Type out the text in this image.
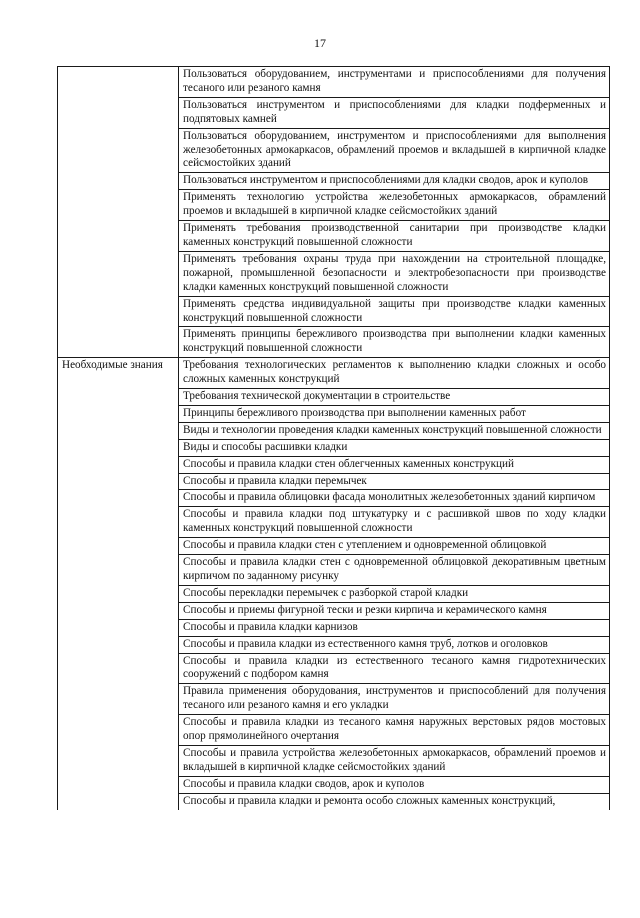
17
	Пользоваться оборудованием, инструментами и приспособлениями для получения тесаного или резаного камня
	Пользоваться инструментом и приспособлениями для кладки подферменных и подпятовых камней
	Пользоваться оборудованием, инструментом и приспособлениями для выполнения железобетонных армокаркасов, обрамлений проемов и вкладышей в кирпичной кладке сейсмостойких зданий
	Пользоваться инструментом и приспособлениями для кладки сводов, арок и куполов
	Применять технологию устройства железобетонных армокаркасов, обрамлений проемов и вкладышей в кирпичной кладке сейсмостойких зданий
	Применять требования производственной санитарии при производстве кладки каменных конструкций повышенной сложности
	Применять требования охраны труда при нахождении на строительной площадке, пожарной, промышленной безопасности и электробезопасности при производстве кладки каменных конструкций повышенной сложности
	Применять средства индивидуальной защиты при производстве кладки каменных конструкций повышенной сложности
	Применять принципы бережливого производства при выполнении кладки каменных конструкций повышенной сложности
Необходимые знания	Требования технологических регламентов к выполнению кладки сложных и особо сложных каменных конструкций
	Требования технической документации в строительстве
	Принципы бережливого производства при выполнении каменных работ
	Виды и технологии проведения кладки каменных конструкций повышенной сложности
	Виды и способы расшивки кладки
	Способы и правила кладки стен облегченных каменных конструкций
	Способы и правила кладки перемычек
	Способы и правила облицовки фасада монолитных железобетонных зданий кирпичом
	Способы и правила кладки под штукатурку и с расшивкой швов по ходу кладки каменных конструкций повышенной сложности
	Способы и правила кладки стен с утеплением и одновременной облицовкой
	Способы и правила кладки стен с одновременной облицовкой декоративным цветным кирпичом по заданному рисунку
	Способы перекладки перемычек с разборкой старой кладки
	Способы и приемы фигурной тески и резки кирпича и керамического камня
	Способы и правила кладки карнизов
	Способы и правила кладки из естественного камня труб, лотков и оголовков
	Способы и правила кладки из естественного тесаного камня гидротехнических сооружений с подбором камня
	Правила применения оборудования, инструментов и приспособлений для получения тесаного или резаного камня и его укладки
	Способы и правила кладки из тесаного камня наружных верстовых рядов мостовых опор прямолинейного очертания
	Способы и правила устройства железобетонных армокаркасов, обрамлений проемов и вкладышей в кирпичной кладке сейсмостойких зданий
	Способы и правила кладки сводов, арок и куполов
	Способы и правила кладки и ремонта особо сложных каменных конструкций,
